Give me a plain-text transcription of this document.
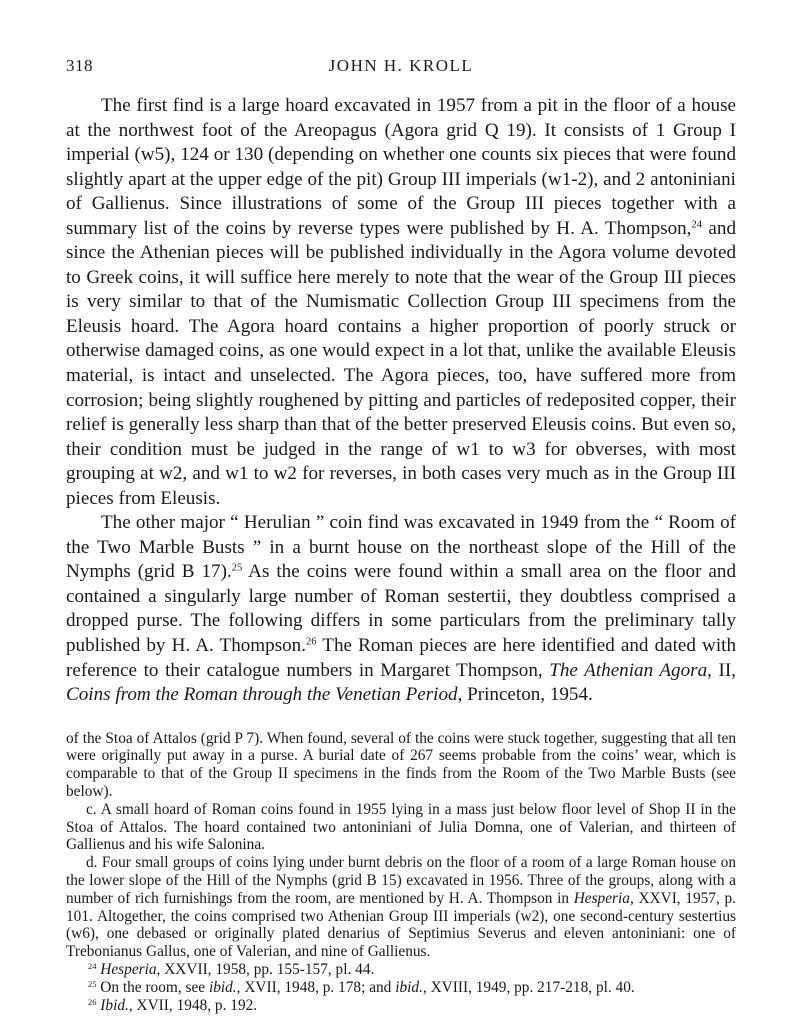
318	JOHN H. KROLL

The first find is a large hoard excavated in 1957 from a pit in the floor of a house at the northwest foot of the Areopagus (Agora grid Q 19). It consists of 1 Group I imperial (w5), 124 or 130 (depending on whether one counts six pieces that were found slightly apart at the upper edge of the pit) Group III imperials (w1-2), and 2 antoniniani of Gallienus. Since illustrations of some of the Group III pieces together with a summary list of the coins by reverse types were published by H. A. Thompson,$^{24}$ and since the Athenian pieces will be published individually in the Agora volume devoted to Greek coins, it will suffice here merely to note that the wear of the Group III pieces is very similar to that of the Numismatic Collection Group III specimens from the Eleusis hoard. The Agora hoard contains a higher proportion of poorly struck or otherwise damaged coins, as one would expect in a lot that, unlike the available Eleusis material, is intact and unselected. The Agora pieces, too, have suffered more from corrosion; being slightly roughened by pitting and particles of redeposited copper, their relief is generally less sharp than that of the better preserved Eleusis coins. But even so, their condition must be judged in the range of w1 to w3 for obverses, with most grouping at w2, and w1 to w2 for reverses, in both cases very much as in the Group III pieces from Eleusis.

The other major “ Herulian ” coin find was excavated in 1949 from the “ Room of the Two Marble Busts ” in a burnt house on the northeast slope of the Hill of the Nymphs (grid B 17).$^{25}$ As the coins were found within a small area on the floor and contained a singularly large number of Roman sestertii, they doubtless comprised a dropped purse. The following differs in some particulars from the preliminary tally published by H. A. Thompson.$^{26}$ The Roman pieces are here identified and dated with reference to their catalogue numbers in Margaret Thompson, The Athenian Agora, II, Coins from the Roman through the Venetian Period, Princeton, 1954.

of the Stoa of Attalos (grid P 7). When found, several of the coins were stuck together, suggesting that all ten were originally put away in a purse. A burial date of 267 seems probable from the coins’ wear, which is comparable to that of the Group II specimens in the finds from the Room of the Two Marble Busts (see below).

c. A small hoard of Roman coins found in 1955 lying in a mass just below floor level of Shop II in the Stoa of Attalos. The hoard contained two antoniniani of Julia Domna, one of Valerian, and thirteen of Gallienus and his wife Salonina.

d. Four small groups of coins lying under burnt debris on the floor of a room of a large Roman house on the lower slope of the Hill of the Nymphs (grid B 15) excavated in 1956. Three of the groups, along with a number of rich furnishings from the room, are mentioned by H. A. Thompson in Hesperia, XXVI, 1957, p. 101. Altogether, the coins comprised two Athenian Group III imperials (w2), one second-century sestertius (w6), one debased or originally plated denarius of Septimius Severus and eleven antoniniani: one of Trebonianus Gallus, one of Valerian, and nine of Gallienus.

$^{24}$ Hesperia, XXVII, 1958, pp. 155-157, pl. 44.

$^{25}$ On the room, see ibid., XVII, 1948, p. 178; and ibid., XVIII, 1949, pp. 217-218, pl. 40.

$^{26}$ Ibid., XVII, 1948, p. 192.
